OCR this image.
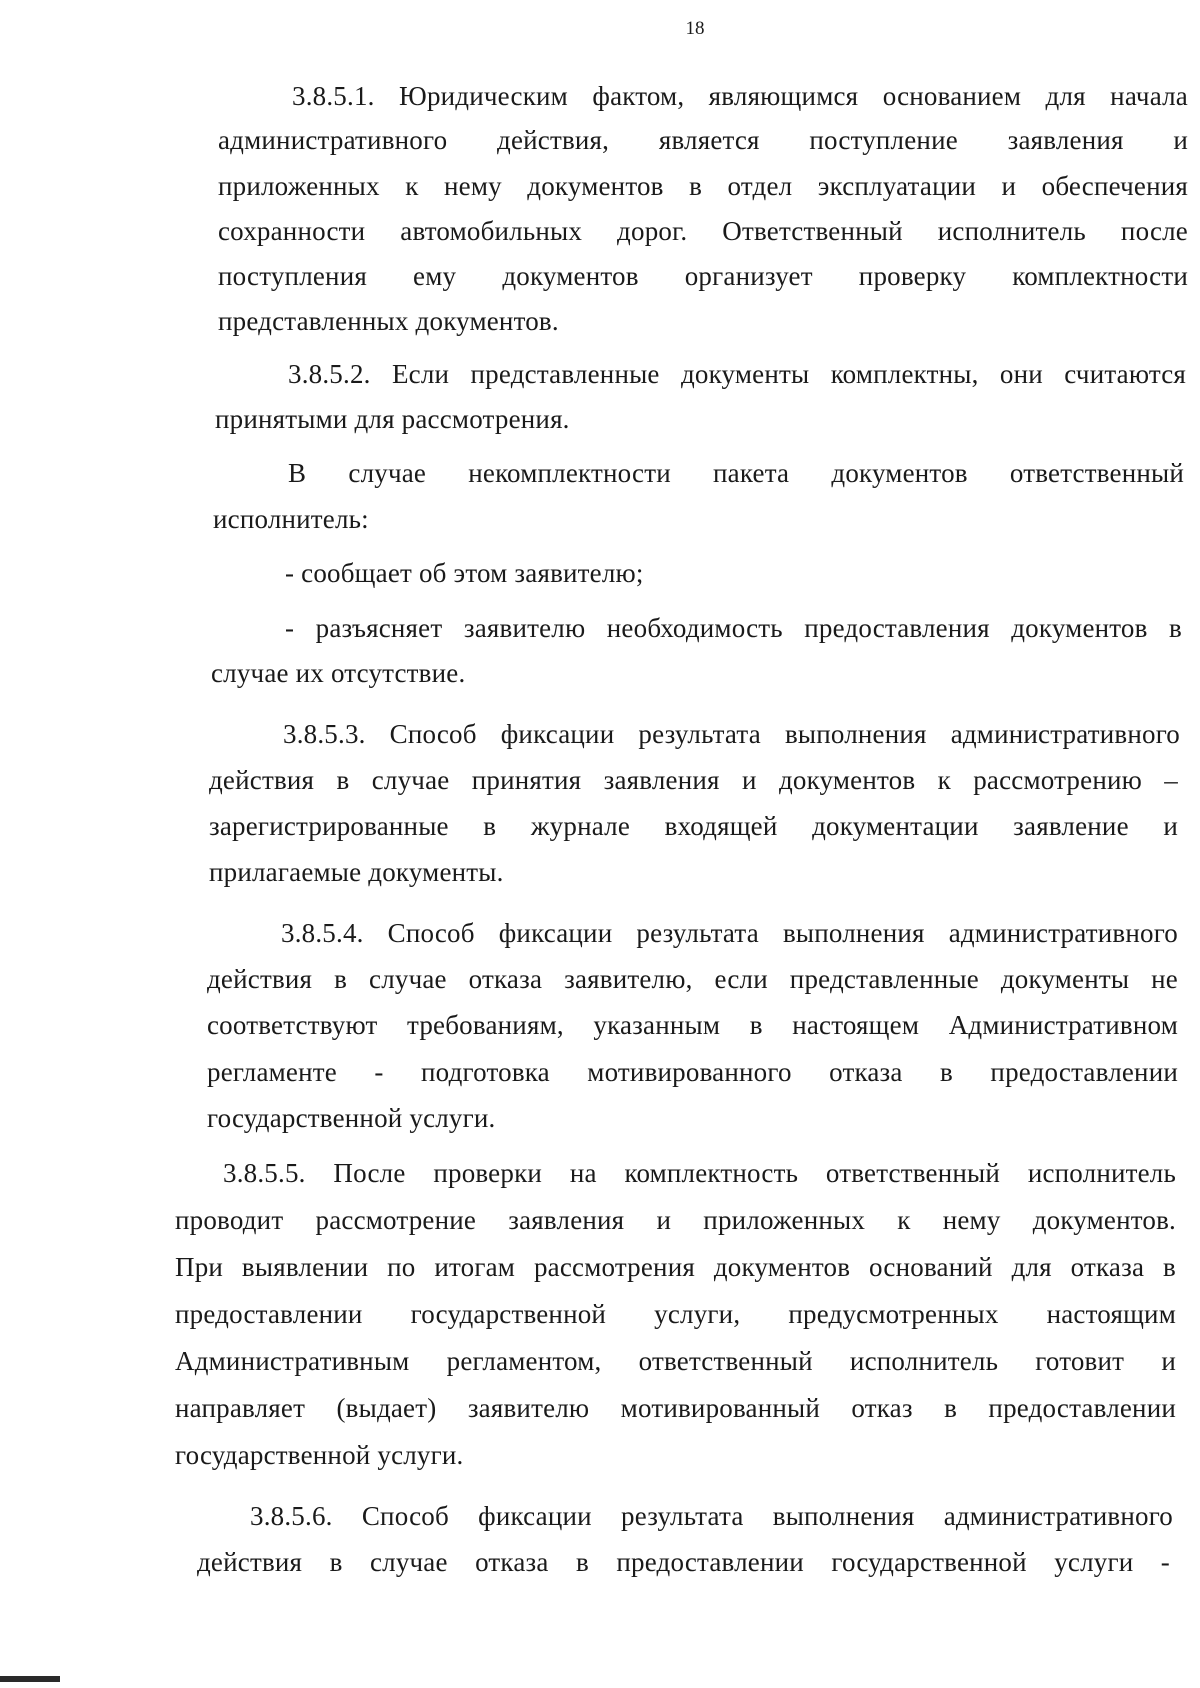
18
3.8.5.1. Юридическим фактом, являющимся основанием для начала
административного действия, является поступление заявления и
приложенных к нему документов в отдел эксплуатации и обеспечения
сохранности автомобильных дорог. Ответственный исполнитель после
поступления ему документов организует проверку комплектности
представленных документов.
3.8.5.2. Если представленные документы комплектны, они считаются
принятыми для рассмотрения.
В случае некомплектности пакета документов ответственный
исполнитель:
- сообщает об этом заявителю;
- разъясняет заявителю необходимость предоставления документов в
случае их отсутствие.
3.8.5.3. Способ фиксации результата выполнения административного
действия в случае принятия заявления и документов к рассмотрению –
зарегистрированные в журнале входящей документации заявление и
прилагаемые документы.
3.8.5.4. Способ фиксации результата выполнения административного
действия в случае отказа заявителю, если представленные документы не
соответствуют требованиям, указанным в настоящем Административном
регламенте - подготовка мотивированного отказа в предоставлении
государственной услуги.
3.8.5.5. После проверки на комплектность ответственный исполнитель
проводит рассмотрение заявления и приложенных к нему документов.
При выявлении по итогам рассмотрения документов оснований для отказа в
предоставлении государственной услуги, предусмотренных настоящим
Административным регламентом, ответственный исполнитель готовит и
направляет (выдает) заявителю мотивированный отказ в предоставлении
государственной услуги.
3.8.5.6. Способ фиксации результата выполнения административного
действия в случае отказа в предоставлении государственной услуги -
